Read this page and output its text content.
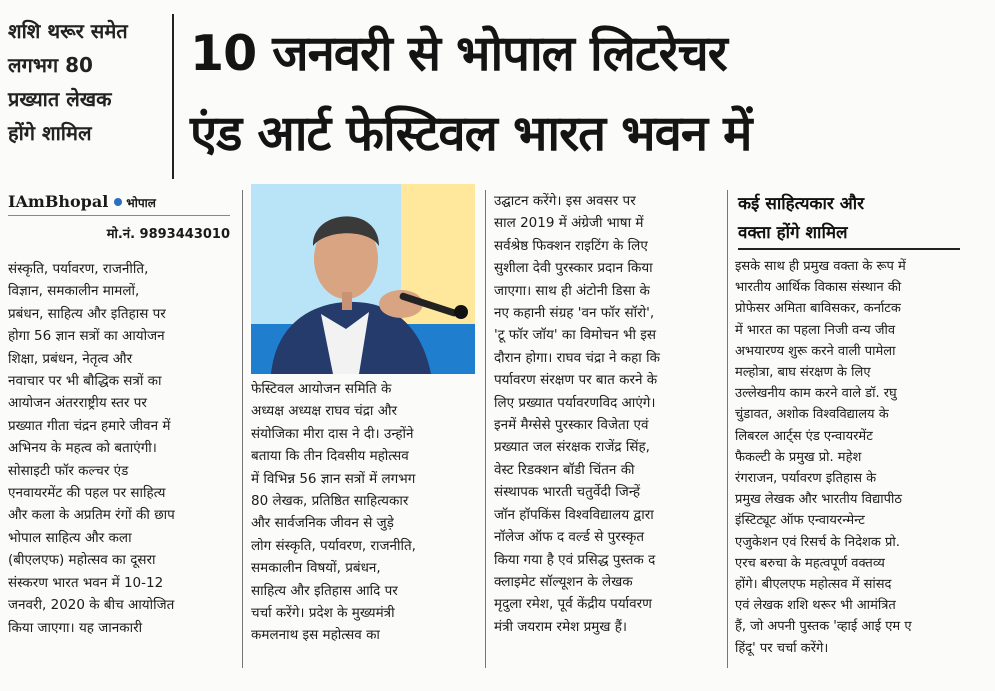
शशि थरूर समेत
लगभग 80
प्रख्यात लेखक
होंगे शामिल
10 जनवरी से भोपाल लिटरेचर
एंड आर्ट फेस्टिवल भारत भवन में
IAmBhopal भोपाल
मो.नं. 9893443010
संस्कृति, पर्यावरण, राजनीति,
विज्ञान, समकालीन मामलों,
प्रबंधन, साहित्य और इतिहास पर
होगा 56 ज्ञान सत्रों का आयोजन
शिक्षा, प्रबंधन, नेतृत्व और
नवाचार पर भी बौद्धिक सत्रों का
आयोजन अंतरराष्ट्रीय स्तर पर
प्रख्यात गीता चंद्रन हमारे जीवन में
अभिनय के महत्व को बताएंगी।
सोसाइटी फॉर कल्चर एंड
एनवायरमेंट की पहल पर साहित्य
और कला के अप्रतिम रंगों की छाप
भोपाल साहित्य और कला
(बीएलएफ) महोत्सव का दूसरा
संस्करण भारत भवन में 10-12
जनवरी, 2020 के बीच आयोजित
किया जाएगा। यह जानकारी
फेस्टिवल आयोजन समिति के
अध्यक्ष अध्यक्ष राघव चंद्रा और
संयोजिका मीरा दास ने दी। उन्होंने
बताया कि तीन दिवसीय महोत्सव
में विभिन्न 56 ज्ञान सत्रों में लगभग
80 लेखक, प्रतिष्ठित साहित्यकार
और सार्वजनिक जीवन से जुड़े
लोग संस्कृति, पर्यावरण, राजनीति,
समकालीन विषयों, प्रबंधन,
साहित्य और इतिहास आदि पर
चर्चा करेंगे। प्रदेश के मुख्यमंत्री
कमलनाथ इस महोत्सव का
उद्घाटन करेंगे। इस अवसर पर
साल 2019 में अंग्रेजी भाषा में
सर्वश्रेष्ठ फिक्शन राइटिंग के लिए
सुशीला देवी पुरस्कार प्रदान किया
जाएगा। साथ ही अंटोनी डिसा के
नए कहानी संग्रह 'वन फॉर सॉरो',
'टू फॉर जॉय' का विमोचन भी इस
दौरान होगा। राघव चंद्रा ने कहा कि
पर्यावरण संरक्षण पर बात करने के
लिए प्रख्यात पर्यावरणविद आएंगे।
इनमें मैग्सेसे पुरस्कार विजेता एवं
प्रख्यात जल संरक्षक राजेंद्र सिंह,
वेस्ट रिडक्शन बॉडी चिंतन की
संस्थापक भारती चतुर्वेदी जिन्हें
जॉन हॉपकिंस विश्वविद्यालय द्वारा
नॉलेज ऑफ द वर्ल्ड से पुरस्कृत
किया गया है एवं प्रसिद्ध पुस्तक द
क्लाइमेट सॉल्यूशन के लेखक
मृदुला रमेश, पूर्व केंद्रीय पर्यावरण
मंत्री जयराम रमेश प्रमुख हैं।
कई साहित्यकार और
वक्ता होंगे शामिल
इसके साथ ही प्रमुख वक्ता के रूप में
भारतीय आर्थिक विकास संस्थान की
प्रोफेसर अमिता बाविसकर, कर्नाटक
में भारत का पहला निजी वन्य जीव
अभयारण्य शुरू करने वाली पामेला
मल्होत्रा, बाघ संरक्षण के लिए
उल्लेखनीय काम करने वाले डॉ. रघु
चुंडावत, अशोक विश्वविद्यालय के
लिबरल आर्ट्स एंड एन्वायरमेंट
फैकल्टी के प्रमुख प्रो. महेश
रंगराजन, पर्यावरण इतिहास के
प्रमुख लेखक और भारतीय विद्यापीठ
इंस्टिट्यूट ऑफ एन्वायरन्मेन्ट
एजुकेशन एवं रिसर्च के निदेशक प्रो.
एरच बरुचा के महत्वपूर्ण वक्तव्य
होंगे। बीएलएफ महोत्सव में सांसद
एवं लेखक शशि थरूर भी आमंत्रित
हैं, जो अपनी पुस्तक 'व्हाई आई एम ए
हिंदू' पर चर्चा करेंगे।
